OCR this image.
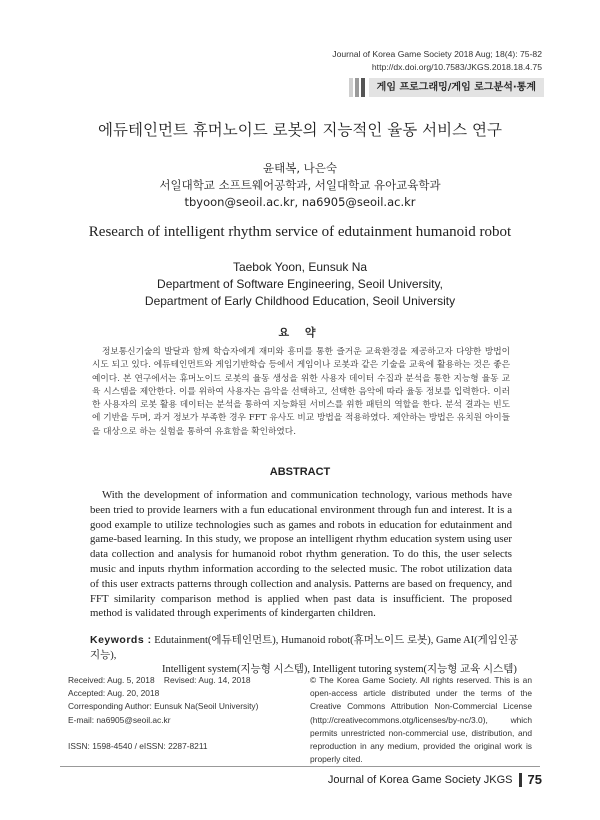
Journal of Korea Game Society 2018 Aug; 18(4): 75-82
http://dx.doi.org/10.7583/JKGS.2018.18.4.75
게임 프로그래밍/게임 로그분석·통계
에듀테인먼트 휴머노이드 로봇의 지능적인 율동 서비스 연구
윤태복, 나은숙
서일대학교 소프트웨어공학과, 서일대학교 유아교육학과
tbyoon@seoil.ac.kr, na6905@seoil.ac.kr
Research of intelligent rhythm service of edutainment humanoid robot
Taebok Yoon, Eunsuk Na
Department of Software Engineering, Seoil University,
Department of Early Childhood Education, Seoil University
요 약
정보통신기술의 발달과 함께 학습자에게 재미와 흥미를 통한 즐거운 교육환경을 제공하고자 다양한 방법이 시도 되고 있다. 에듀테인먼트와 게임기반학습 등에서 게임이나 로봇과 같은 기술을 교육에 활용하는 것은 좋은 예이다. 본 연구에서는 휴머노이드 로봇의 율동 생성을 위한 사용자 데이터 수집과 분석을 통한 지능형 율동 교육 시스템을 제안한다. 이를 위하여 사용자는 음악을 선택하고, 선택한 음악에 따라 율동 정보를 입력한다. 이러한 사용자의 로봇 활용 데이터는 분석을 통하여 지능화된 서비스를 위한 패턴의 역할을 한다. 분석 결과는 빈도에 기반을 두며, 과거 정보가 부족한 경우 FFT 유사도 비교 방법을 적용하였다. 제안하는 방법은 유치원 아이들을 대상으로 하는 실험을 통하여 유효함을 확인하였다.
ABSTRACT
With the development of information and communication technology, various methods have been tried to provide learners with a fun educational environment through fun and interest. It is a good example to utilize technologies such as games and robots in education for edutainment and game-based learning. In this study, we propose an intelligent rhythm education system using user data collection and analysis for humanoid robot rhythm generation. To do this, the user selects music and inputs rhythm information according to the selected music. The robot utilization data of this user extracts patterns through collection and analysis. Patterns are based on frequency, and FFT similarity comparison method is applied when past data is insufficient. The proposed method is validated through experiments of kindergarten children.
Keywords : Edutainment(에듀테인먼트), Humanoid robot(휴머노이드 로봇), Game AI(게임인공지능),
Intelligent system(지능형 시스템), Intelligent tutoring system(지능형 교육 시스템)
Received: Aug. 5, 2018 Revised: Aug. 14, 2018
Accepted: Aug. 20, 2018
Corresponding Author: Eunsuk Na(Seoil University)
E-mail: na6905@seoil.ac.kr
ISSN: 1598-4540 / eISSN: 2287-8211
© The Korea Game Society. All rights reserved. This is an open-access article distributed under the terms of the Creative Commons Attribution Non-Commercial License (http://creativecommons.otg/licenses/by-nc/3.0), which permits unrestricted non-commercial use, distribution, and reproduction in any medium, provided the original work is properly cited.
Journal of Korea Game Society JKGS 75
